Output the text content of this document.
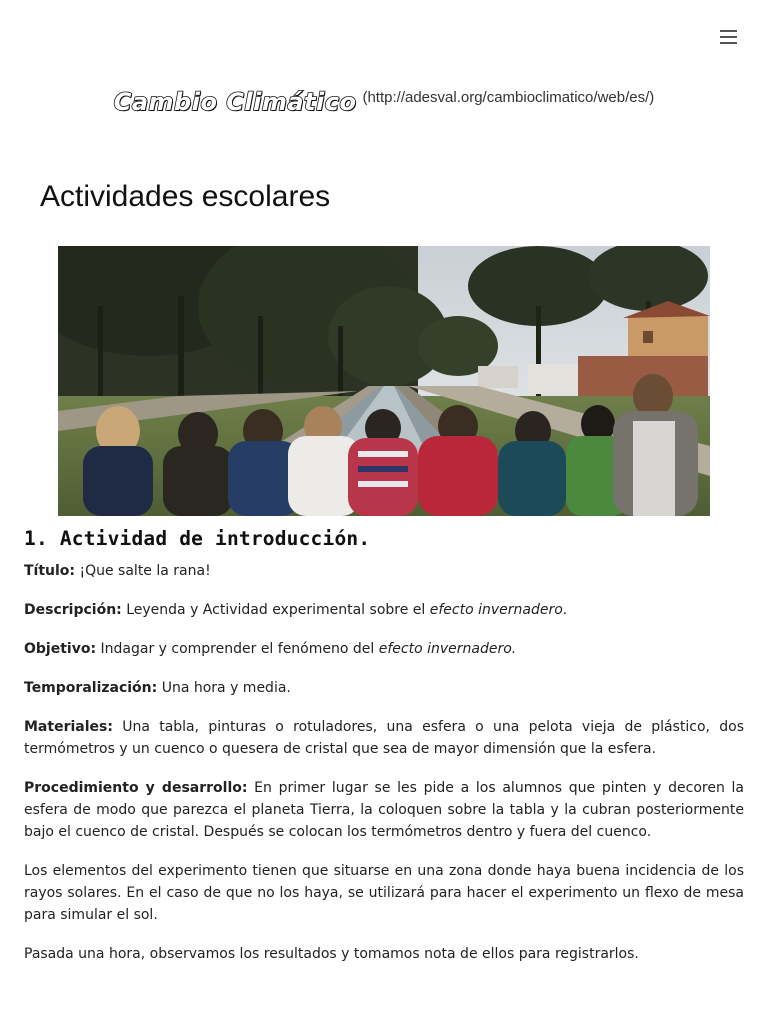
Cambio Climático (http://adesval.org/cambioclimatico/web/es/)
Actividades escolares
1. Actividad de introducción.

Título: ¡Que salte la rana!

Descripción: Leyenda y Actividad experimental sobre el efecto invernadero.

Objetivo: Indagar y comprender el fenómeno del efecto invernadero.

Temporalización: Una hora y media.

Materiales: Una tabla, pinturas o rotuladores, una esfera o una pelota vieja de plástico, dos termómetros y un cuenco o quesera de cristal que sea de mayor dimensión que la esfera.

Procedimiento y desarrollo: En primer lugar se les pide a los alumnos que pinten y decoren la esfera de modo que parezca el planeta Tierra, la coloquen sobre la tabla y la cubran posteriormente bajo el cuenco de cristal. Después se colocan los termómetros dentro y fuera del cuenco.

Los elementos del experimento tienen que situarse en una zona donde haya buena incidencia de los rayos solares. En el caso de que no los haya, se utilizará para hacer el experimento un flexo de mesa para simular el sol.

Pasada una hora, observamos los resultados y tomamos nota de ellos para registrarlos.
